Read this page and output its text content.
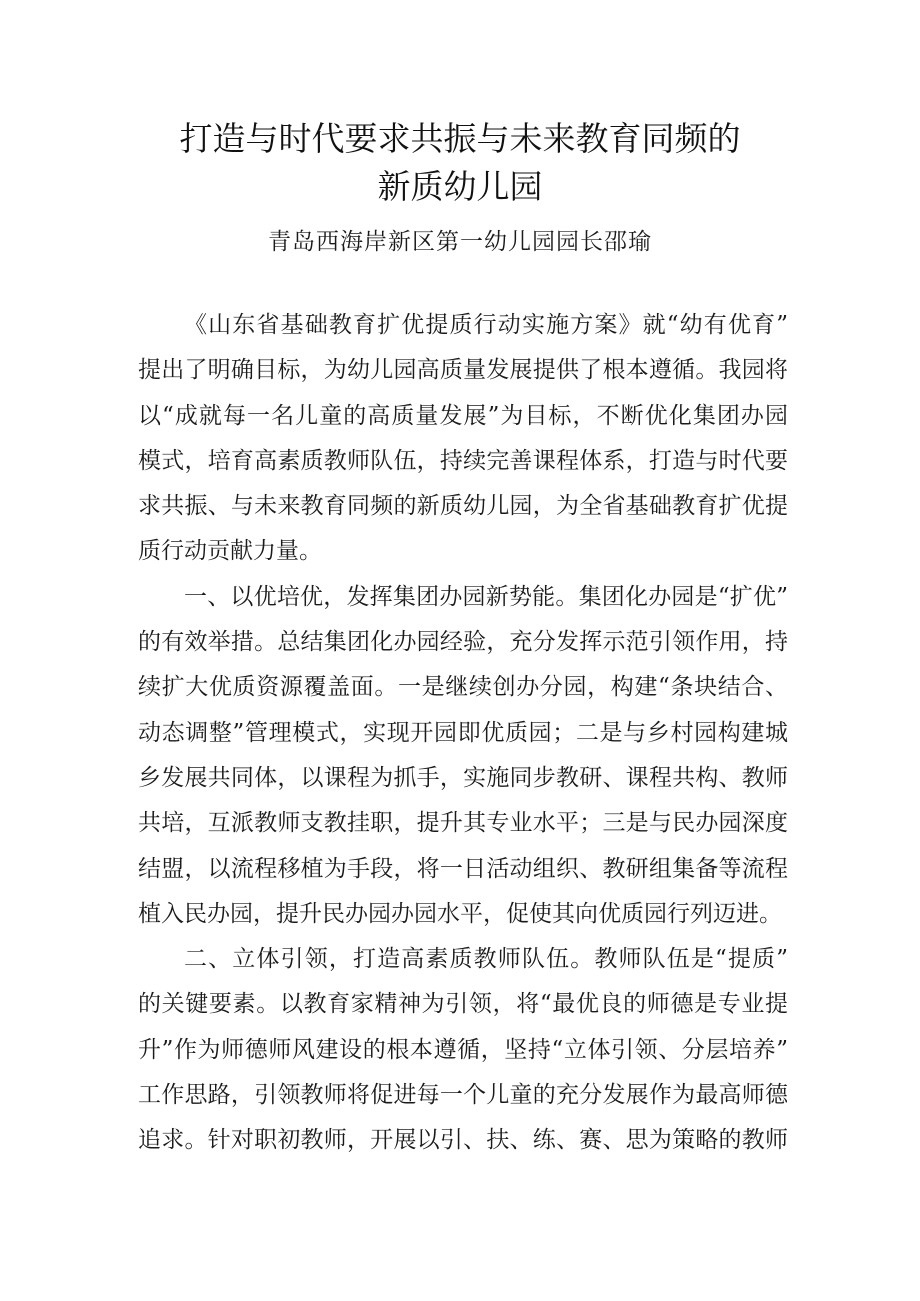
打造与时代要求共振与未来教育同频的
新质幼儿园
青岛西海岸新区第一幼儿园园长邵瑜
《山东省基础教育扩优提质行动实施方案》就“幼有优育”
提出了明确目标，为幼儿园高质量发展提供了根本遵循。我园将
以“成就每一名儿童的高质量发展”为目标，不断优化集团办园
模式，培育高素质教师队伍，持续完善课程体系，打造与时代要
求共振、与未来教育同频的新质幼儿园，为全省基础教育扩优提
质行动贡献力量。
一、以优培优，发挥集团办园新势能。集团化办园是“扩优”
的有效举措。总结集团化办园经验，充分发挥示范引领作用，持
续扩大优质资源覆盖面。一是继续创办分园，构建“条块结合、
动态调整”管理模式，实现开园即优质园；二是与乡村园构建城
乡发展共同体，以课程为抓手，实施同步教研、课程共构、教师
共培，互派教师支教挂职，提升其专业水平；三是与民办园深度
结盟，以流程移植为手段，将一日活动组织、教研组集备等流程
植入民办园，提升民办园办园水平，促使其向优质园行列迈进。
二、立体引领，打造高素质教师队伍。教师队伍是“提质”
的关键要素。以教育家精神为引领，将“最优良的师德是专业提
升”作为师德师风建设的根本遵循，坚持“立体引领、分层培养”
工作思路，引领教师将促进每一个儿童的充分发展作为最高师德
追求。针对职初教师，开展以引、扶、练、赛、思为策略的教师
